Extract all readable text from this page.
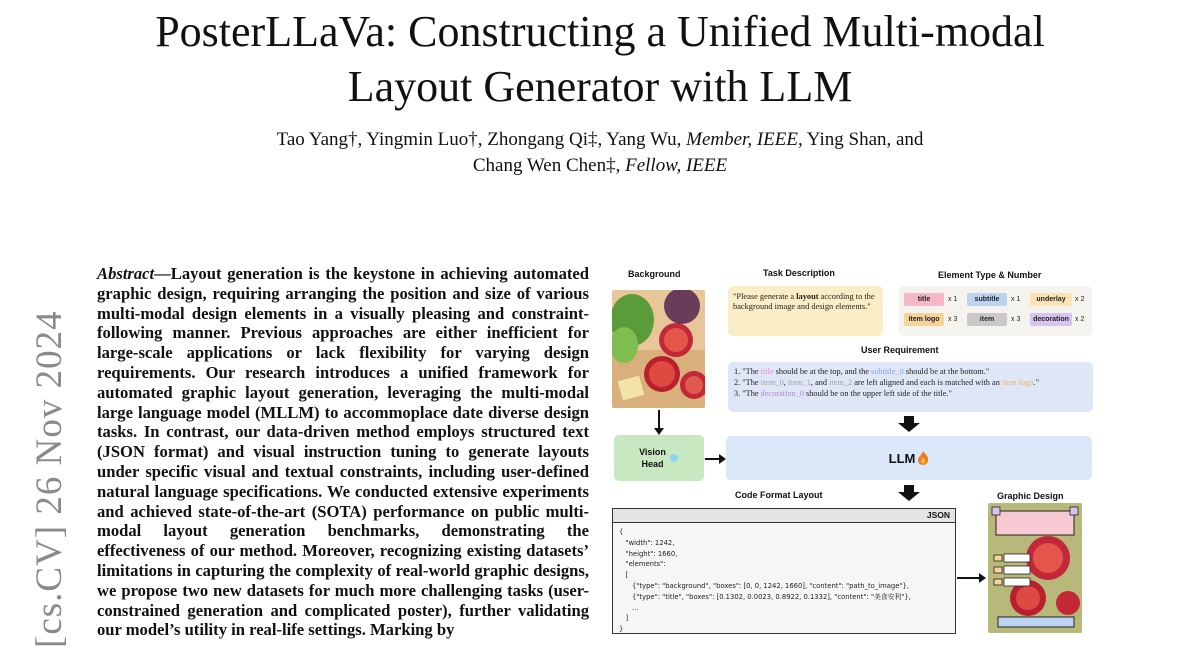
PosterLLaVa: Constructing a Unified Multi-modal
Layout Generator with LLM
Tao Yang†, Yingmin Luo†, Zhongang Qi‡, Yang Wu, Member, IEEE, Ying Shan, and
Chang Wen Chen‡, Fellow, IEEE
[cs.CV] 26 Nov 2024

Abstract—Layout generation is the keystone in achieving automated graphic design, requiring arranging the position and size of various multi-modal design elements in a visually pleasing and constraint-following manner. Previous approaches are either inefficient for large-scale applications or lack flexibility for varying design requirements. Our research introduces a unified framework for automated graphic layout generation, leveraging the multi-modal large language model (MLLM) to accommoplace date diverse design tasks. In contrast, our data-driven method employs structured text (JSON format) and visual instruction tuning to generate layouts under specific visual and textual constraints, including user-defined natural language specifications. We conducted extensive experiments and achieved state-of-the-art (SOTA) performance on public multi-modal layout generation benchmarks, demonstrating the effectiveness of our method. Moreover, recognizing existing datasets’ limitations in capturing the complexity of real-world graphic designs, we propose two new datasets for much more challenging tasks (user-constrained generation and complicated poster), further validating our model’s utility in real-life settings. Marking by

Background	Task Description	Element Type & Number
User Requirement
Code Format Layout	Graphic Design
"Please generate a layout according to the background image and design elements."
title	x 1	subtitle	x 1	underlay	x 2
item logo	x 3	item	x 3	decoration x 2
1. "The title should be at the top, and the subtitle_0 should be at the bottom."
2. "The item_0, item_1, and item_2 are left aligned and each is matched with an item logo."
3. "The decoration_0 should be on the upper left side of the title."
Vision
Head	LLM
JSON
{
"width": 1242,
"height": 1660,
"elements":
[
{"type": "background", "boxes": [0, 0, 1242, 1660], "content": "path_to_image"},
{"type": "title", "boxes": [0.1302, 0.0023, 0.8922, 0.1332], "content": "美食安利"},
...
]
}
